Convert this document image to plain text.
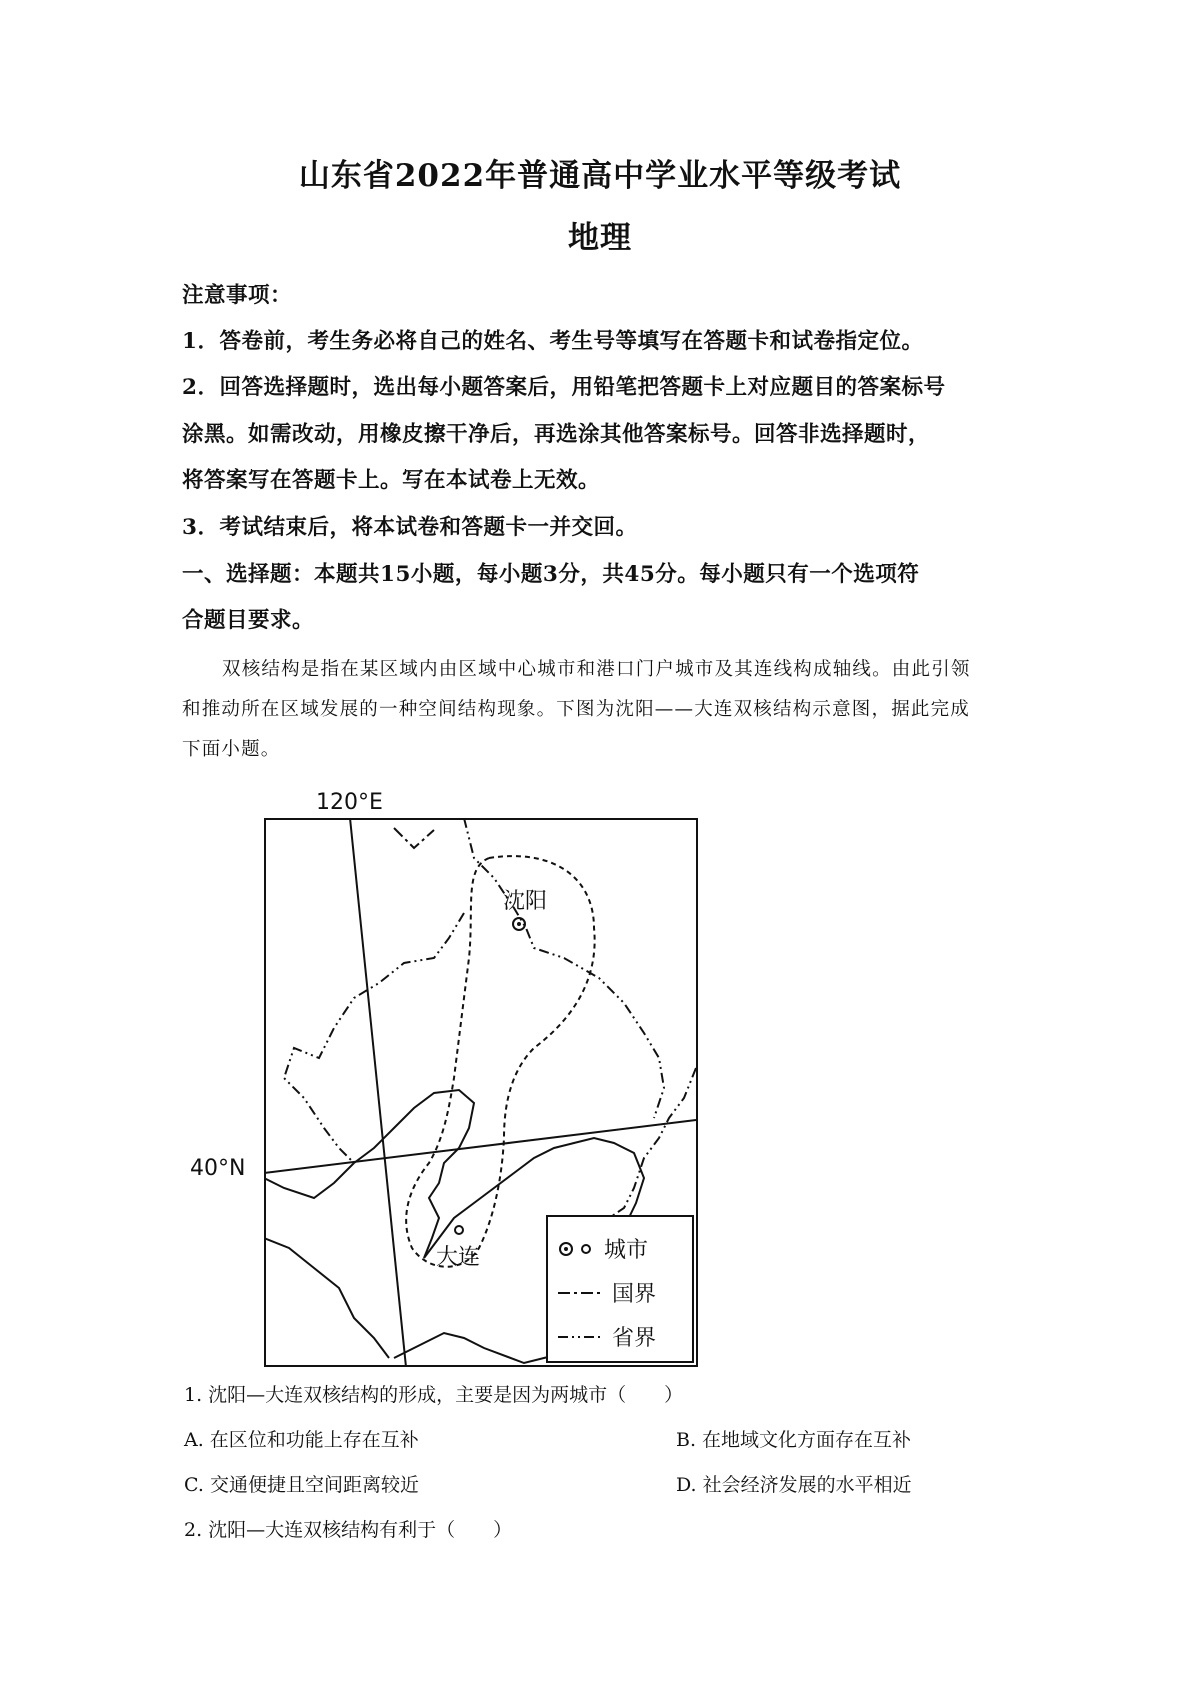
山东省2022年普通高中学业水平等级考试
地理
注意事项：
1．答卷前，考生务必将自己的姓名、考生号等填写在答题卡和试卷指定位。
2．回答选择题时，选出每小题答案后，用铅笔把答题卡上对应题目的答案标号
涂黑。如需改动，用橡皮擦干净后，再选涂其他答案标号。回答非选择题时，
将答案写在答题卡上。写在本试卷上无效。
3．考试结束后，将本试卷和答题卡一并交回。
一、选择题：本题共15小题，每小题3分，共45分。每小题只有一个选项符
合题目要求。
双核结构是指在某区域内由区域中心城市和港口门户城市及其连线构成轴线。由此引领
和推动所在区域发展的一种空间结构现象。下图为沈阳——大连双核结构示意图，据此完成
下面小题。
120°E
40°N
沈阳
大连	城市
国界
省界
1. 沈阳—大连双核结构的形成，主要是因为两城市（　　）
A. 在区位和功能上存在互补	B. 在地域文化方面存在互补
C. 交通便捷且空间距离较近	D. 社会经济发展的水平相近
2. 沈阳—大连双核结构有利于（　　）
